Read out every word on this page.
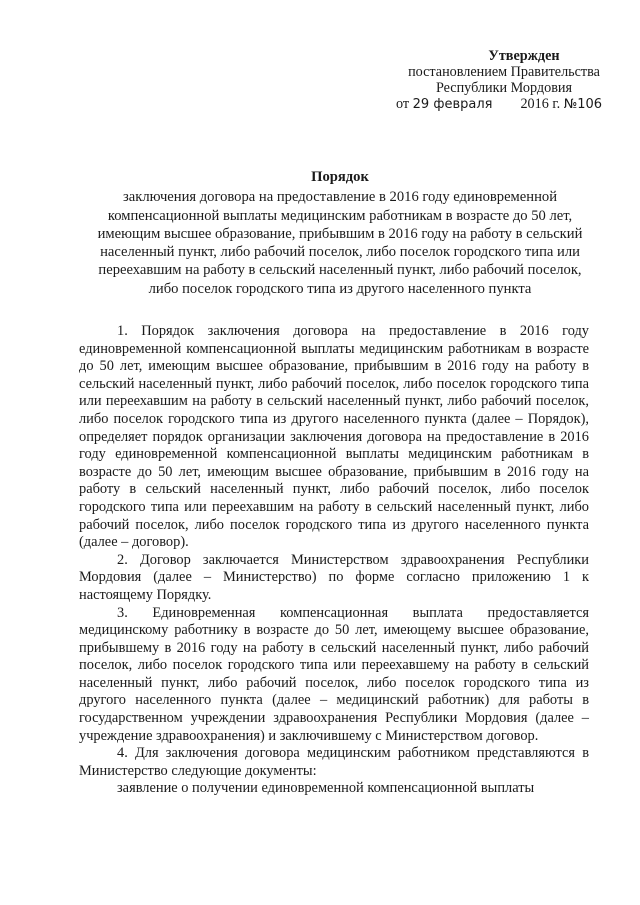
Утвержден
постановлением Правительства
Республики Мордовия
от 29 февраля 2016 г. №106
Порядок
заключения договора на предоставление в 2016 году единовременной
компенсационной выплаты медицинским работникам в возрасте до 50 лет,
имеющим высшее образование, прибывшим в 2016 году на работу в сельский
населенный пункт, либо рабочий поселок, либо поселок городского типа или
переехавшим на работу в сельский населенный пункт, либо рабочий поселок,
либо поселок городского типа из другого населенного пункта

1. Порядок заключения договора на предоставление в 2016 году единовременной компенсационной выплаты медицинским работникам в возрасте до 50 лет, имеющим высшее образование, прибывшим в 2016 году на работу в сельский населенный пункт, либо рабочий поселок, либо поселок городского типа или переехавшим на работу в сельский населенный пункт, либо рабочий поселок, либо поселок городского типа из другого населенного пункта (далее – Порядок), определяет порядок организации заключения договора на предоставление в 2016 году единовременной компенсационной выплаты медицинским работникам в возрасте до 50 лет, имеющим высшее образование, прибывшим в 2016 году на работу в сельский населенный пункт, либо рабочий поселок, либо поселок городского типа или переехавшим на работу в сельский населенный пункт, либо рабочий поселок, либо поселок городского типа из другого населенного пункта (далее – договор).

2. Договор заключается Министерством здравоохранения Республики Мордовия (далее – Министерство) по форме согласно приложению 1 к настоящему Порядку.

3. Единовременная компенсационная выплата предоставляется медицинскому работнику в возрасте до 50 лет, имеющему высшее образование, прибывшему в 2016 году на работу в сельский населенный пункт, либо рабочий поселок, либо поселок городского типа или переехавшему на работу в сельский населенный пункт, либо рабочий поселок, либо поселок городского типа из другого населенного пункта (далее – медицинский работник) для работы в государственном учреждении здравоохранения Республики Мордовия (далее – учреждение здравоохранения) и заключившему с Министерством договор.

4. Для заключения договора медицинским работником представляются в Министерство следующие документы:

заявление о получении единовременной компенсационной выплаты
